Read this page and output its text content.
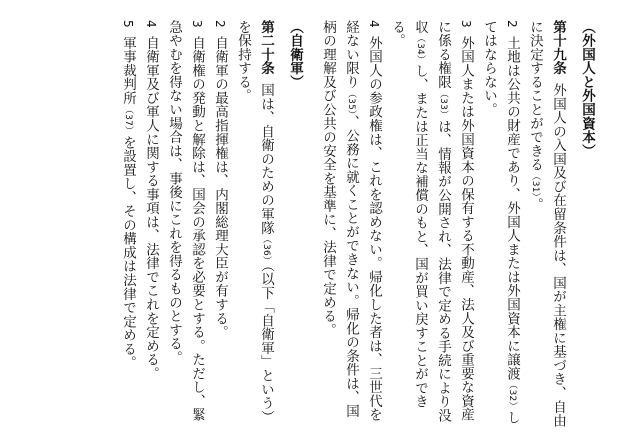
（外国人と外国資本）
第十九条外国人の入国及び在留条件は、国が主権に基づき、自由に決定することができる（31）。
2土地は公共の財産であり、外国人または外国資本に譲渡（32）してはならない。
3外国人または外国資本の保有する不動産、法人及び重要な資産に係る権限（33）は、情報が公開され、法律で定める手続により没収（34）し、または正当な補償のもと、国が買い戻すことができる。
4外国人の参政権は、これを認めない。帰化した者は、三世代を経ない限り（35）、公務に就くことができない。帰化の条件は、国柄の理解及び公共の安全を基準に、法律で定める。
（自衛軍）
第二十条国は、自衛のための軍隊（36）（以下「自衛軍」という）を保持する。
2自衛軍の最高指揮権は、内閣総理大臣が有する。
3自衛権の発動と解除は、国会の承認を必要とする。ただし、緊急やむを得ない場合は、事後にこれを得るものとする。
4自衛軍及び軍人に関する事項は、法律でこれを定める。
5軍事裁判所（37）を設置し、その構成は法律で定める。
